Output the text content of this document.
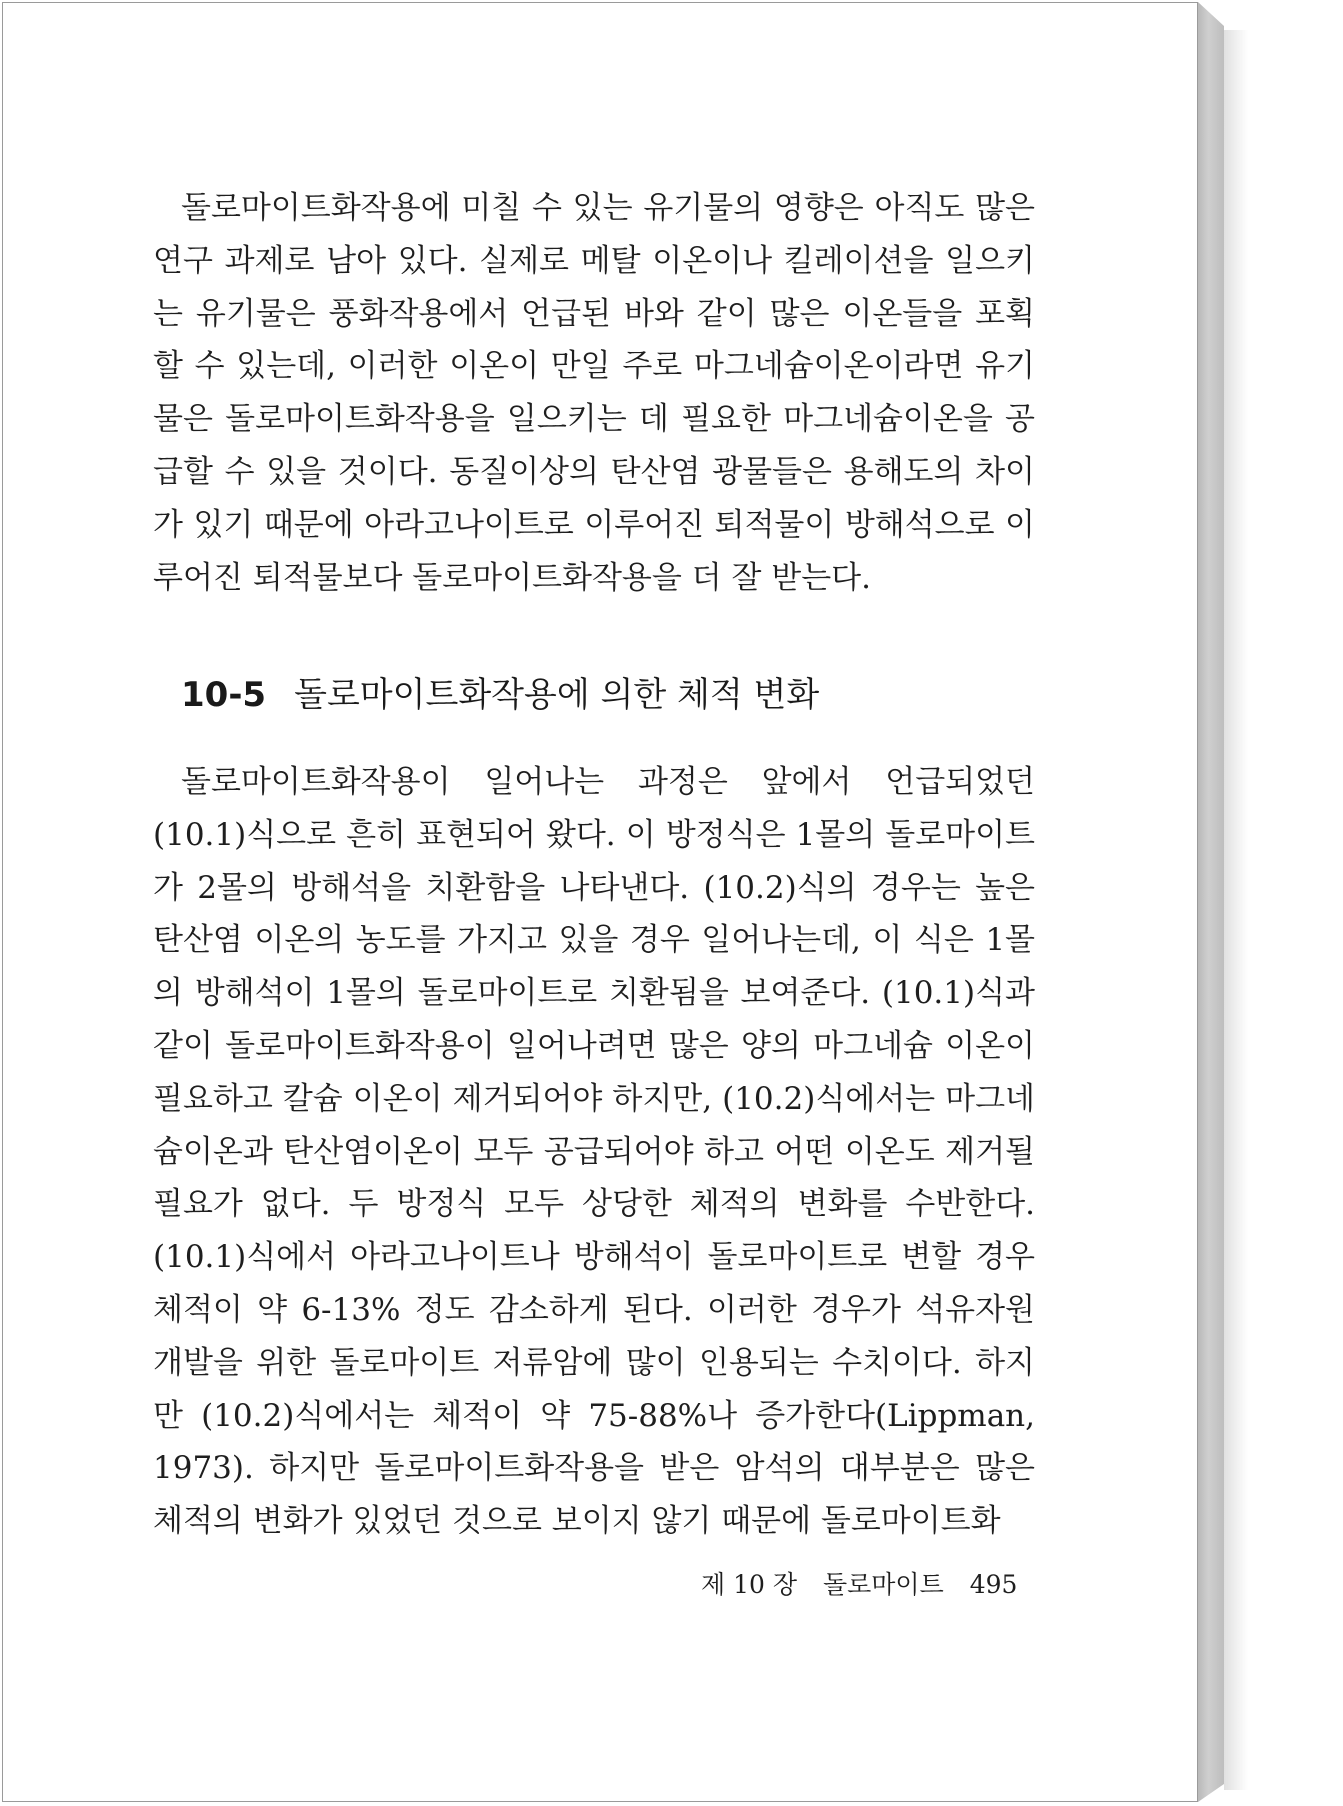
돌로마이트화작용에 미칠 수 있는 유기물의 영향은 아직도 많은 연구 과제로 남아 있다. 실제로 메탈 이온이나 킬레이션을 일으키는 유기물은 풍화작용에서 언급된 바와 같이 많은 이온들을 포획할 수 있는데, 이러한 이온이 만일 주로 마그네슘이온이라면 유기물은 돌로마이트화작용을 일으키는 데 필요한 마그네슘이온을 공급할 수 있을 것이다. 동질이상의 탄산염 광물들은 용해도의 차이가 있기 때문에 아라고나이트로 이루어진 퇴적물이 방해석으로 이루어진 퇴적물보다 돌로마이트화작용을 더 잘 받는다.

10-5 돌로마이트화작용에 의한 체적 변화

돌로마이트화작용이 일어나는 과정은 앞에서 언급되었던 (10.1)식으로 흔히 표현되어 왔다. 이 방정식은 1몰의 돌로마이트가 2몰의 방해석을 치환함을 나타낸다. (10.2)식의 경우는 높은 탄산염 이온의 농도를 가지고 있을 경우 일어나는데, 이 식은 1몰의 방해석이 1몰의 돌로마이트로 치환됨을 보여준다. (10.1)식과 같이 돌로마이트화작용이 일어나려면 많은 양의 마그네슘 이온이 필요하고 칼슘 이온이 제거되어야 하지만, (10.2)식에서는 마그네슘이온과 탄산염이온이 모두 공급되어야 하고 어떤 이온도 제거될 필요가 없다. 두 방정식 모두 상당한 체적의 변화를 수반한다. (10.1)식에서 아라고나이트나 방해석이 돌로마이트로 변할 경우 체적이 약 6-13% 정도 감소하게 된다. 이러한 경우가 석유자원 개발을 위한 돌로마이트 저류암에 많이 인용되는 수치이다. 하지만 (10.2)식에서는 체적이 약 75-88%나 증가한다(Lippman, 1973). 하지만 돌로마이트화작용을 받은 암석의 대부분은 많은 체적의 변화가 있었던 것으로 보이지 않기 때문에 돌로마이트화

제 10 장 돌로마이트 495
